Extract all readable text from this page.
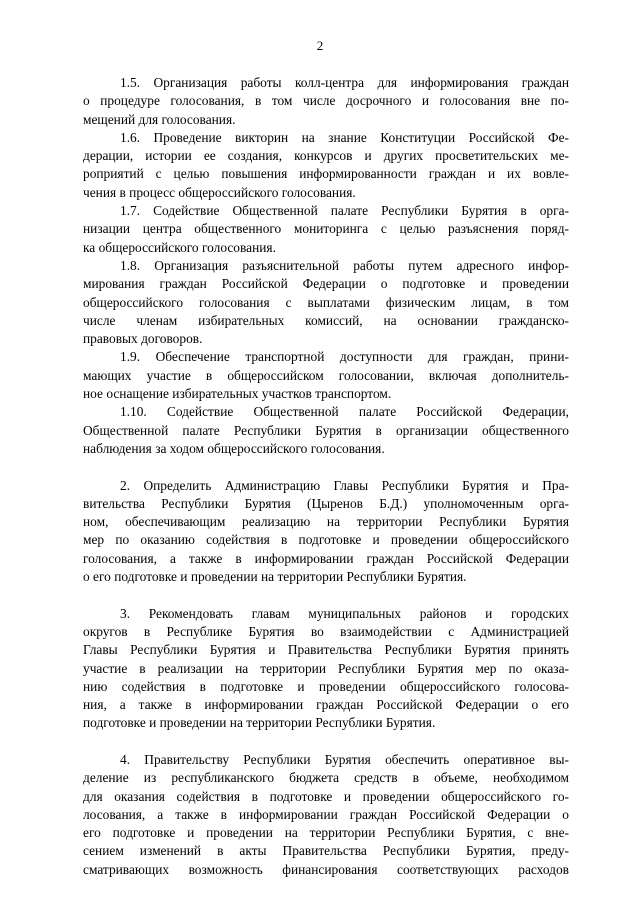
2
1.5. Организация работы колл-центра для информирования граждан
о процедуре голосования, в том числе досрочного и голосования вне по-
мещений для голосования.
1.6. Проведение викторин на знание Конституции Российской Фе-
дерации, истории ее создания, конкурсов и других просветительских ме-
роприятий с целью повышения информированности граждан и их вовле-
чения в процесс общероссийского голосования.
1.7. Содействие Общественной палате Республики Бурятия в орга-
низации центра общественного мониторинга с целью разъяснения поряд-
ка общероссийского голосования.
1.8. Организация разъяснительной работы путем адресного инфор-
мирования граждан Российской Федерации о подготовке и проведении
общероссийского голосования с выплатами физическим лицам, в том
числе членам избирательных комиссий, на основании гражданско-
правовых договоров.
1.9. Обеспечение транспортной доступности для граждан, прини-
мающих участие в общероссийском голосовании, включая дополнитель-
ное оснащение избирательных участков транспортом.
1.10. Содействие Общественной палате Российской Федерации,
Общественной палате Республики Бурятия в организации общественного
наблюдения за ходом общероссийского голосования.
2. Определить Администрацию Главы Республики Бурятия и Пра-
вительства Республики Бурятия (Цыренов Б.Д.) уполномоченным орга-
ном, обеспечивающим реализацию на территории Республики Бурятия
мер по оказанию содействия в подготовке и проведении общероссийского
голосования, а также в информировании граждан Российской Федерации
о его подготовке и проведении на территории Республики Бурятия.
3. Рекомендовать главам муниципальных районов и городских
округов в Республике Бурятия во взаимодействии с Администрацией
Главы Республики Бурятия и Правительства Республики Бурятия принять
участие в реализации на территории Республики Бурятия мер по оказа-
нию содействия в подготовке и проведении общероссийского голосова-
ния, а также в информировании граждан Российской Федерации о его
подготовке и проведении на территории Республики Бурятия.
4. Правительству Республики Бурятия обеспечить оперативное вы-
деление из республиканского бюджета средств в объеме, необходимом
для оказания содействия в подготовке и проведении общероссийского го-
лосования, а также в информировании граждан Российской Федерации о
его подготовке и проведении на территории Республики Бурятия, с вне-
сением изменений в акты Правительства Республики Бурятия, преду-
сматривающих возможность финансирования соответствующих расходов
